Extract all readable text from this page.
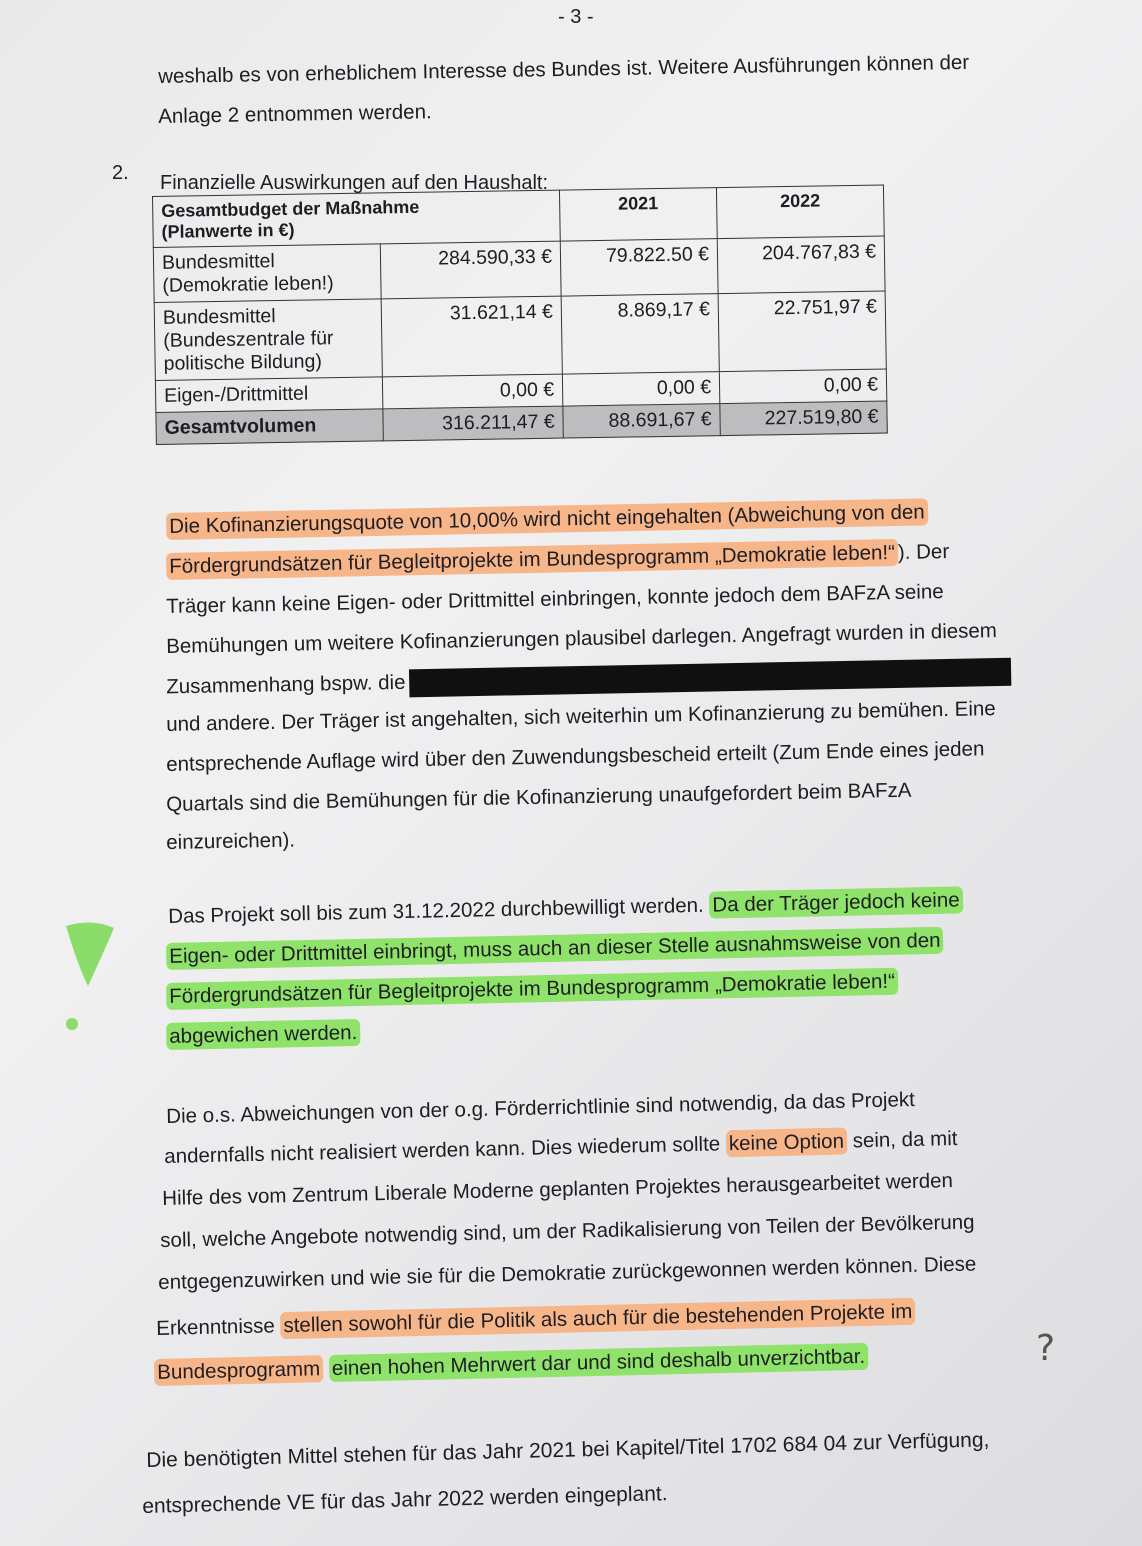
- 3 -
weshalb es von erheblichem Interesse des Bundes ist. Weitere Ausführungen können der
Anlage 2 entnommen werden.
2. Finanzielle Auswirkungen auf den Haushalt:
Gesamtbudget der Maßnahme
(Planwerte in €)		2021	2022
Bundesmittel (Demokratie leben!)	284.590,33 €	79.822.50 €	204.767,83 €
Bundesmittel (Bundeszentrale für politische Bildung)	31.621,14 €	8.869,17 €	22.751,97 €
Eigen-/Drittmittel	0,00 €	0,00 €	0,00 €
Gesamtvolumen	316.211,47 €	88.691,67 €	227.519,80 €
Die Kofinanzierungsquote von 10,00% wird nicht eingehalten (Abweichung von den
Fördergrundsätzen für Begleitprojekte im Bundesprogramm „Demokratie leben!“ ). Der
Träger kann keine Eigen- oder Drittmittel einbringen, konnte jedoch dem BAFzA seine
Bemühungen um weitere Kofinanzierungen plausibel darlegen. Angefragt wurden in diesem
Zusammenhang bspw. die
und andere. Der Träger ist angehalten, sich weiterhin um Kofinanzierung zu bemühen. Eine
entsprechende Auflage wird über den Zuwendungsbescheid erteilt (Zum Ende eines jeden
Quartals sind die Bemühungen für die Kofinanzierung unaufgefordert beim BAFzA
einzureichen).
Das Projekt soll bis zum 31.12.2022 durchbewilligt werden. Da der Träger jedoch keine
Eigen- oder Drittmittel einbringt, muss auch an dieser Stelle ausnahmsweise von den
Fördergrundsätzen für Begleitprojekte im Bundesprogramm „Demokratie leben!“
abgewichen werden.
Die o.s. Abweichungen von der o.g. Förderrichtlinie sind notwendig, da das Projekt
andernfalls nicht realisiert werden kann. Dies wiederum sollte keine Option sein, da mit
Hilfe des vom Zentrum Liberale Moderne geplanten Projektes herausgearbeitet werden
soll, welche Angebote notwendig sind, um der Radikalisierung von Teilen der Bevölkerung
entgegenzuwirken und wie sie für die Demokratie zurückgewonnen werden können. Diese
Erkenntnisse stellen sowohl für die Politik als auch für die bestehenden Projekte im
Bundesprogramm einen hohen Mehrwert dar und sind deshalb unverzichtbar.	?
Die benötigten Mittel stehen für das Jahr 2021 bei Kapitel/Titel 1702 684 04 zur Verfügung,
entsprechende VE für das Jahr 2022 werden eingeplant.
